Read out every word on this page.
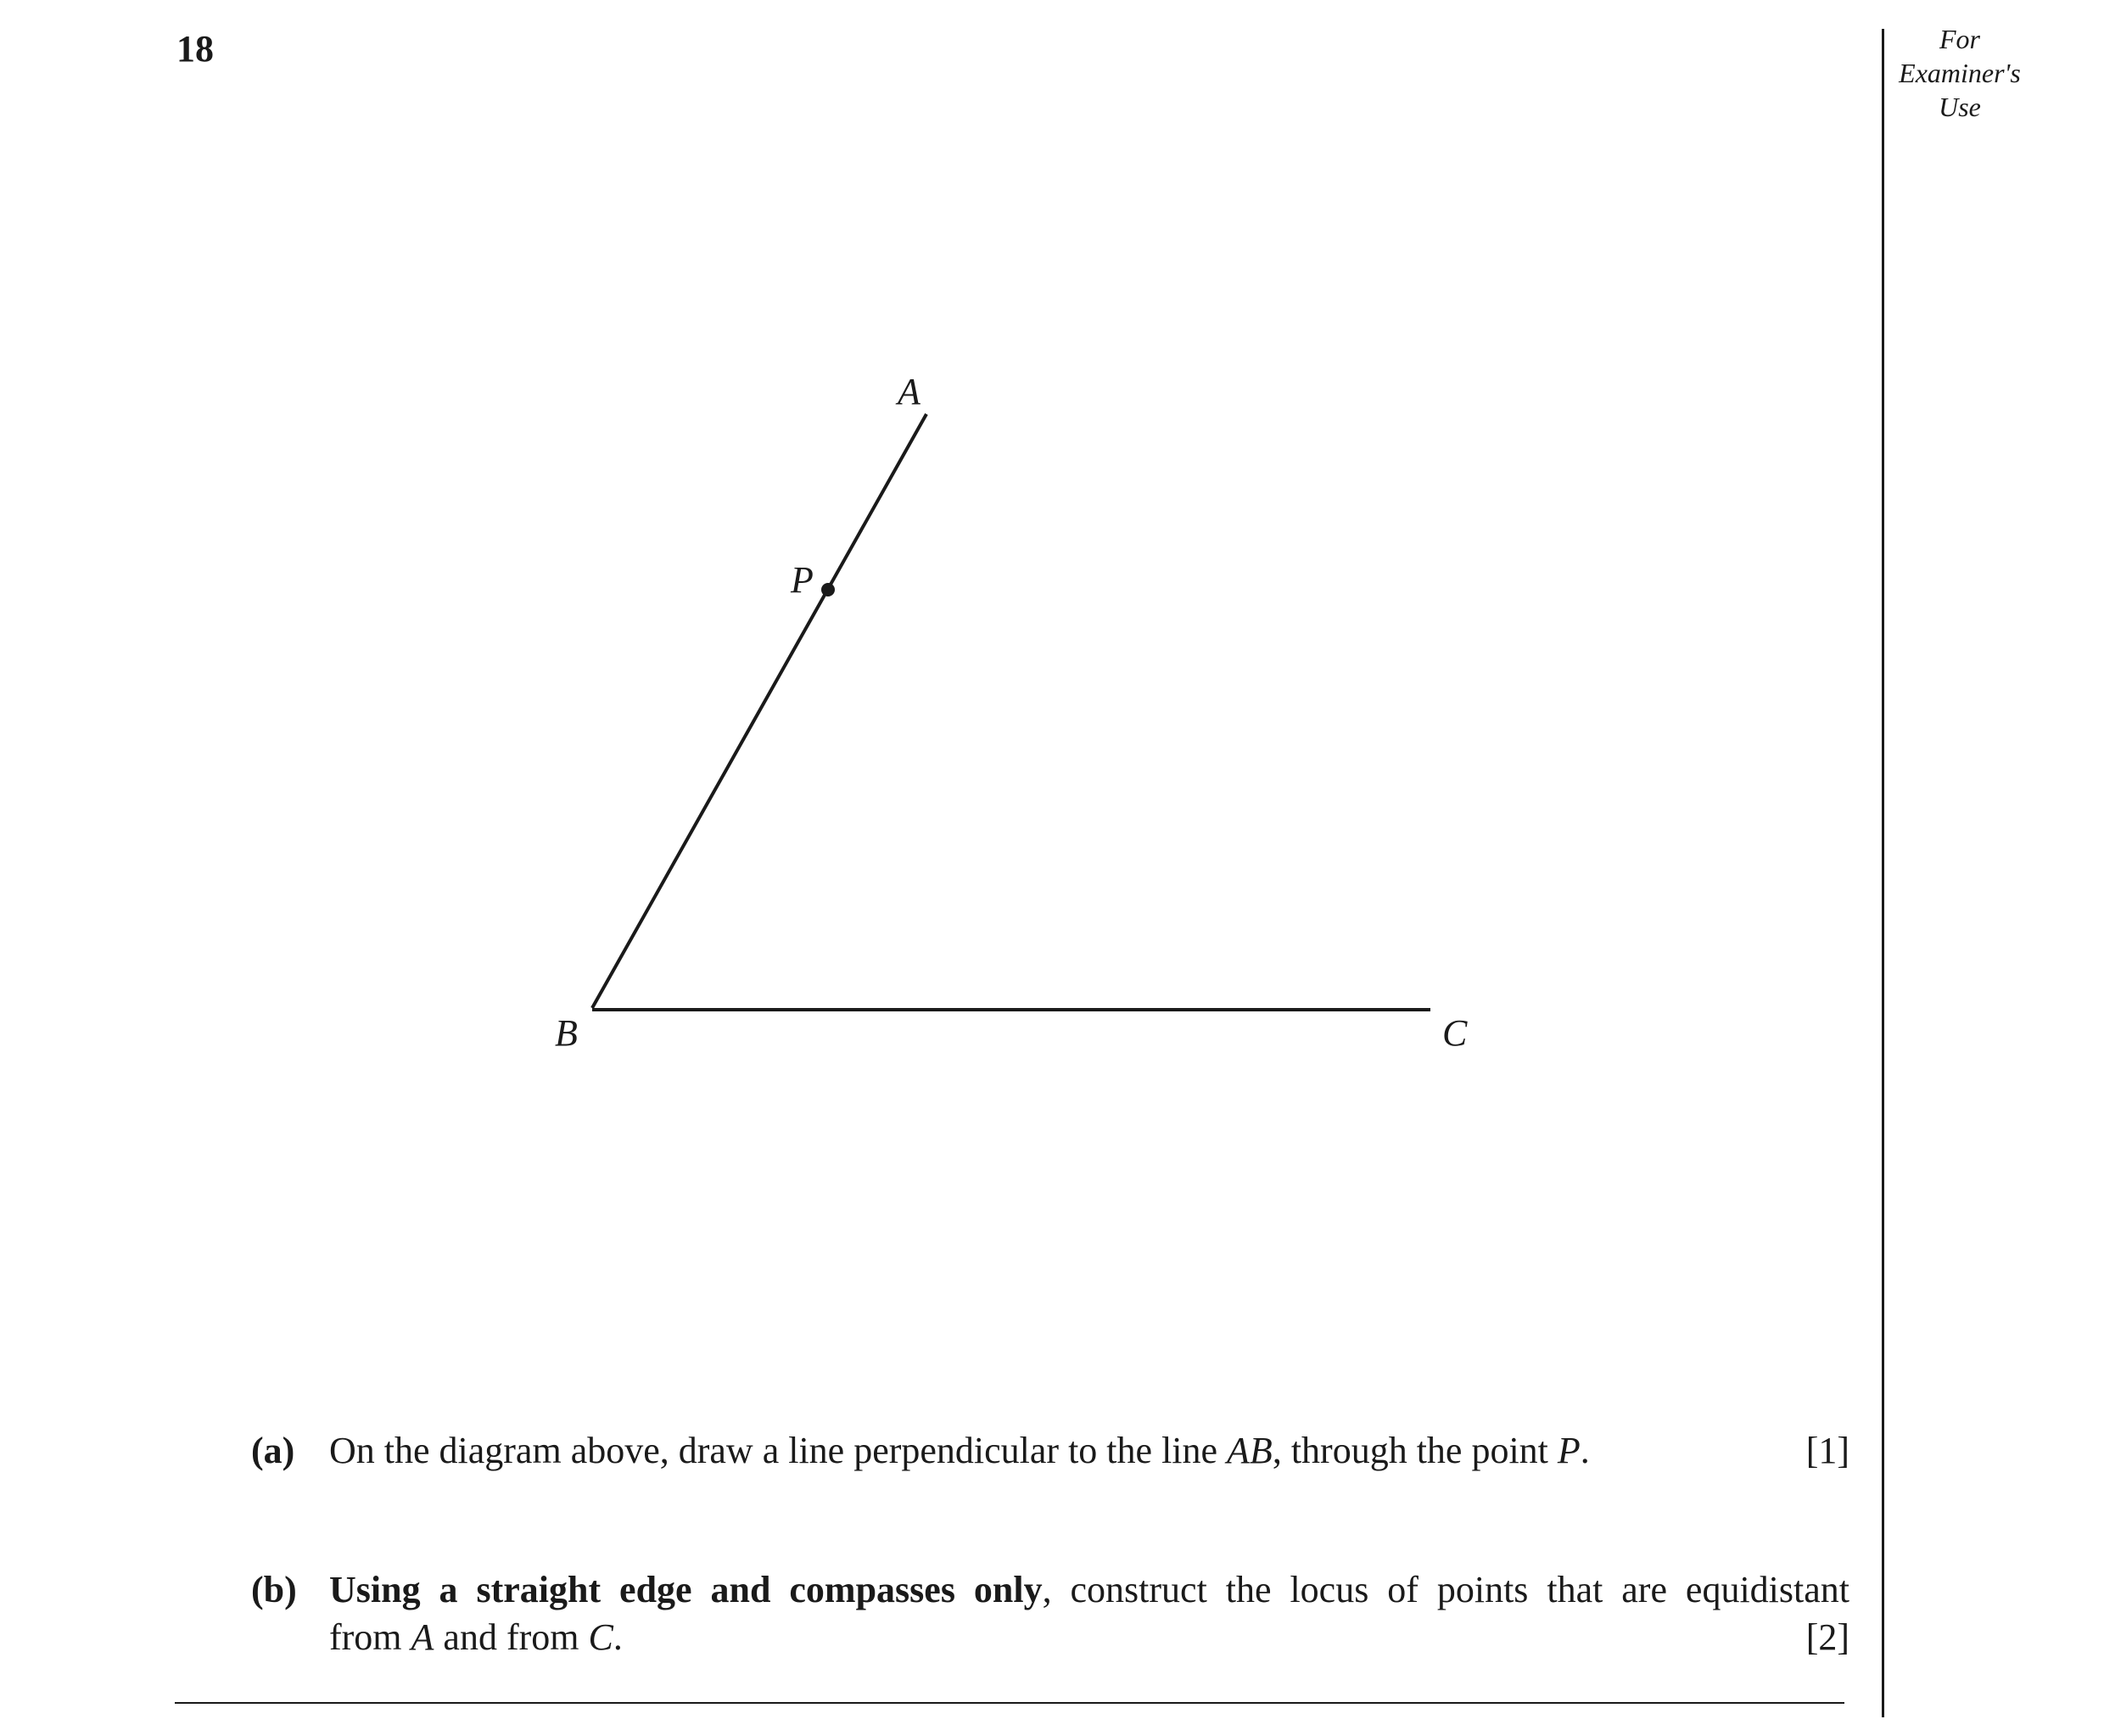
18	For
Examiner's
Use
A
P
B	C
(a) On the diagram above, draw a line perpendicular to the line AB, through the point P.	[1]
(b) Using a straight edge and compasses only, construct the locus of points that are equidistant
from A and from C.	[2]
